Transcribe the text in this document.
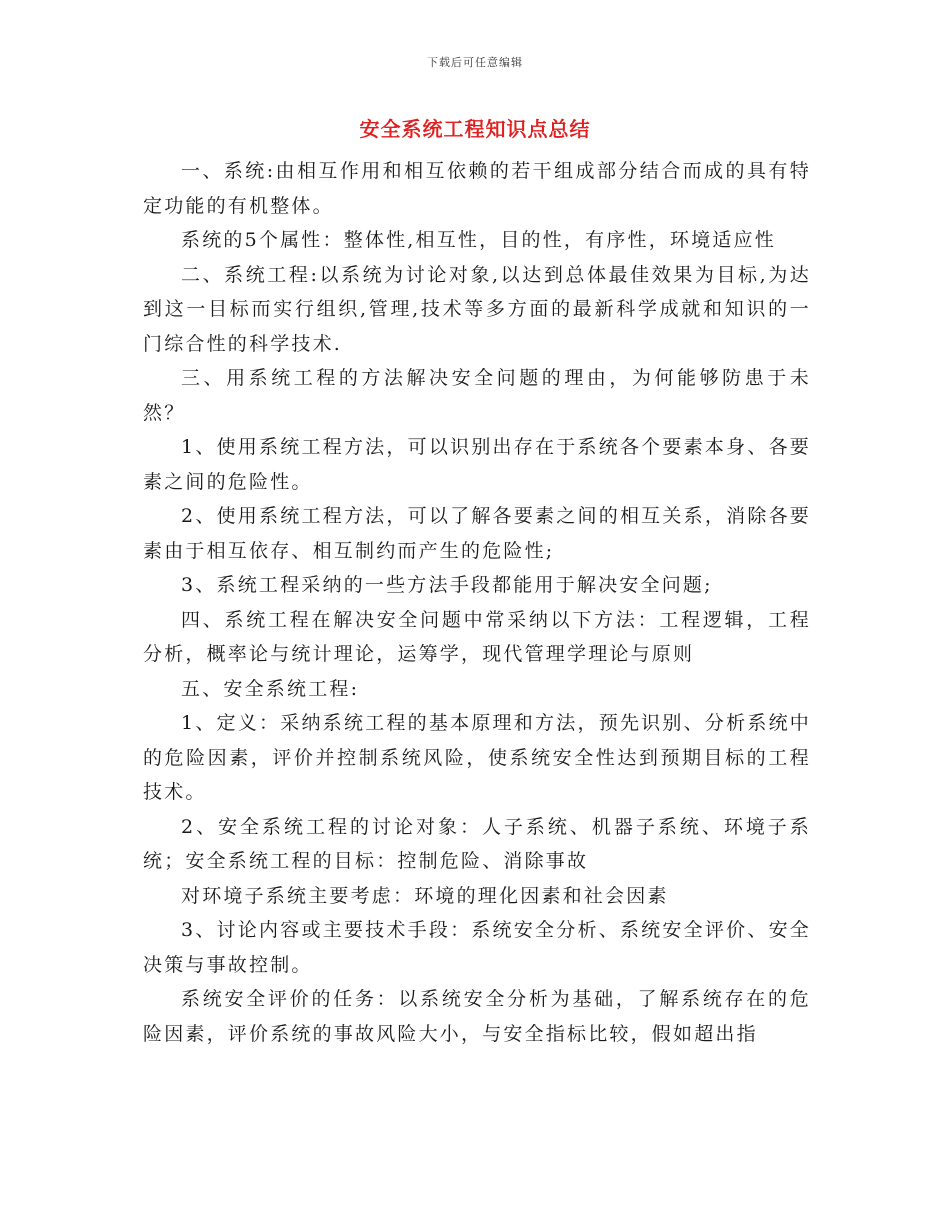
下载后可任意编辑
安全系统工程知识点总结

一、系统:由相互作用和相互依赖的若干组成部分结合而成的具有特定功能的有机整体。

系统的5个属性：整体性,相互性，目的性，有序性，环境适应性

二、系统工程:以系统为讨论对象,以达到总体最佳效果为目标,为达到这一目标而实行组织,管理,技术等多方面的最新科学成就和知识的一门综合性的科学技术.

三、用系统工程的方法解决安全问题的理由，为何能够防患于未然？

1、使用系统工程方法，可以识别出存在于系统各个要素本身、各要素之间的危险性。

2、使用系统工程方法，可以了解各要素之间的相互关系，消除各要素由于相互依存、相互制约而产生的危险性;

3、系统工程采纳的一些方法手段都能用于解决安全问题;

四、系统工程在解决安全问题中常采纳以下方法：工程逻辑，工程分析，概率论与统计理论，运筹学，现代管理学理论与原则

五、安全系统工程:

1、定义：采纳系统工程的基本原理和方法，预先识别、分析系统中的危险因素，评价并控制系统风险，使系统安全性达到预期目标的工程技术。

2、安全系统工程的讨论对象：人子系统、机器子系统、环境子系统；安全系统工程的目标：控制危险、消除事故

对环境子系统主要考虑：环境的理化因素和社会因素

3、讨论内容或主要技术手段：系统安全分析、系统安全评价、安全决策与事故控制。

系统安全评价的任务：以系统安全分析为基础，了解系统存在的危险因素，评价系统的事故风险大小，与安全指标比较，假如超出指
